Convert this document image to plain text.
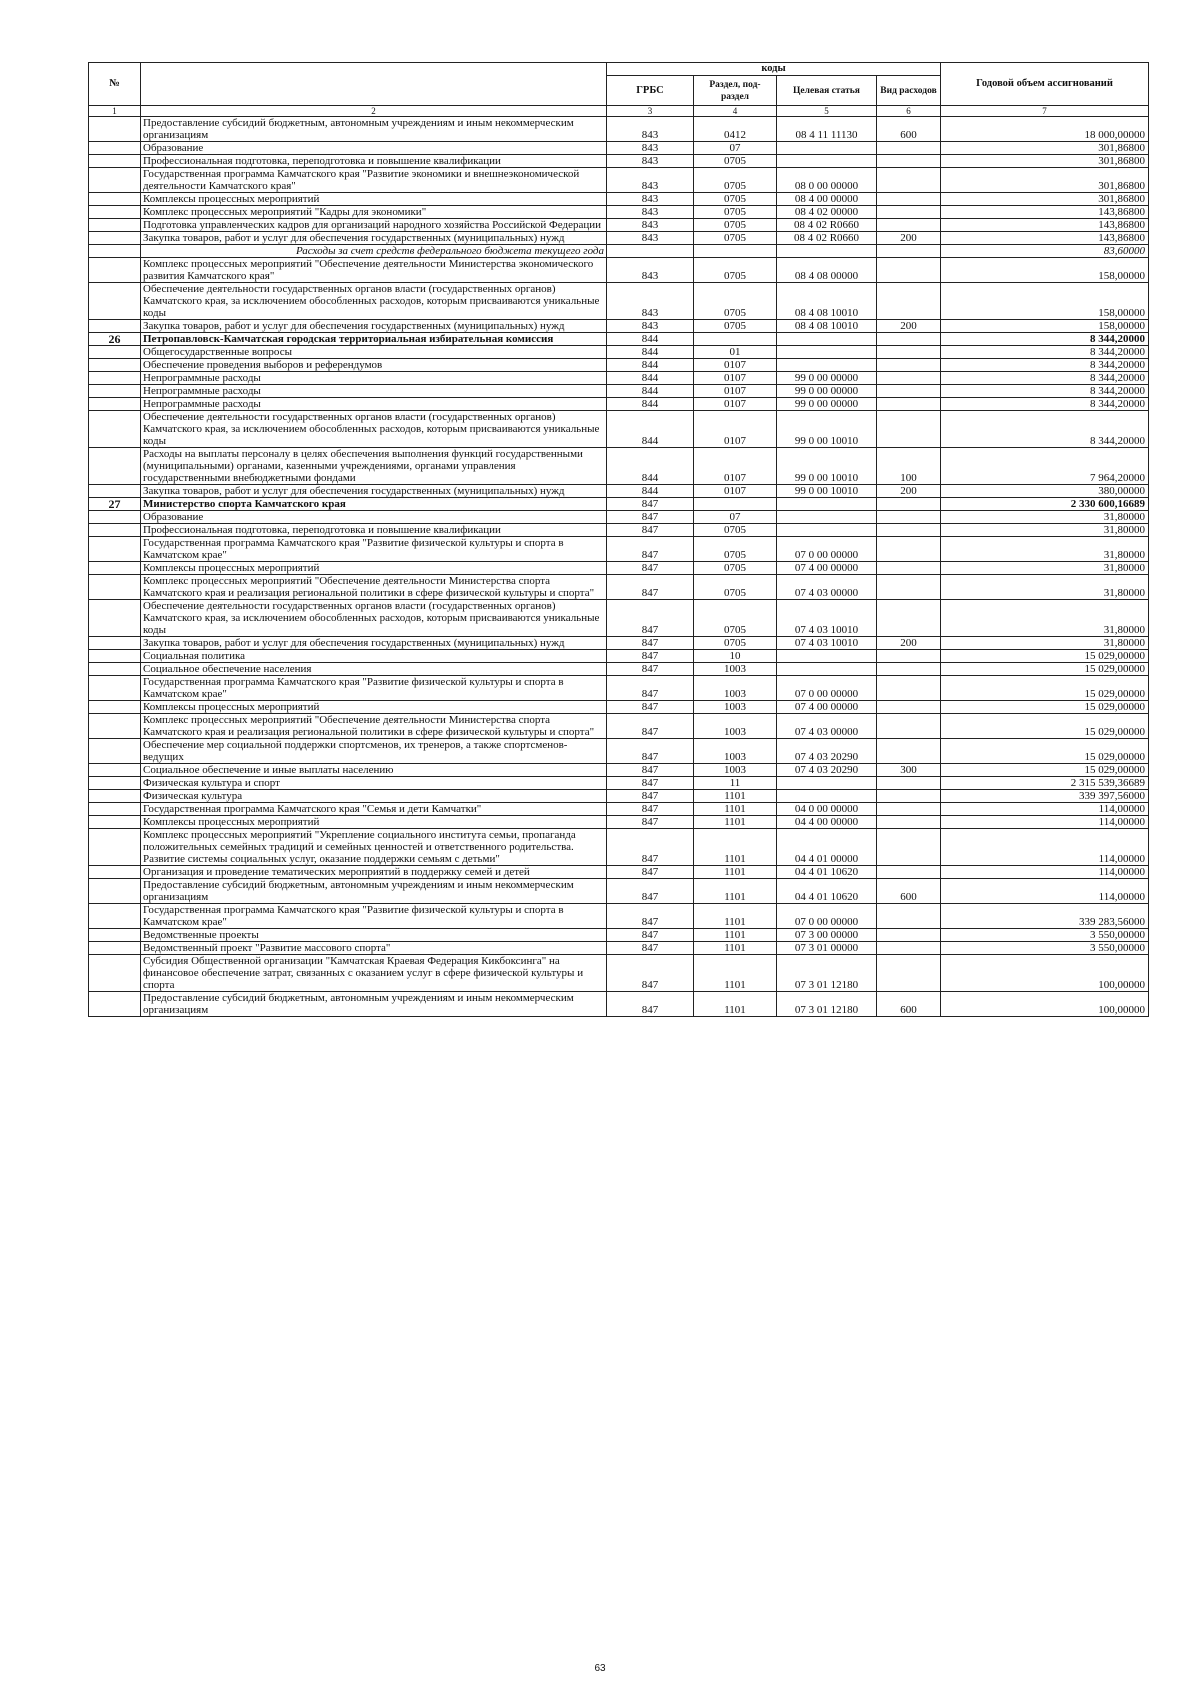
№		коды				Годовой объем ассигнований
		ГРБС	Раздел, под-раздел	Целевая статья	Вид расходов	
1	2	3	4	5	6	7
	Предоставление субсидий бюджетным, автономным учреждениям и иным некоммерческим организациям	843	0412	08 4 11 11130	600	18 000,00000
	Образование	843	07			301,86800
	Профессиональная подготовка, переподготовка и повышение квалификации	843	0705			301,86800
	Государственная программа Камчатского края "Развитие экономики и внешнеэкономической деятельности Камчатского края"	843	0705	08 0 00 00000		301,86800
	Комплексы процессных мероприятий	843	0705	08 4 00 00000		301,86800
	Комплекс процессных мероприятий "Кадры для экономики"	843	0705	08 4 02 00000		143,86800
	Подготовка управленческих кадров для организаций народного хозяйства Российской Федерации	843	0705	08 4 02 R0660		143,86800
	Закупка товаров, работ и услуг для обеспечения государственных (муниципальных) нужд	843	0705	08 4 02 R0660	200	143,86800
	Расходы за счет средств федерального бюджета текущего года					83,60000
	Комплекс процессных мероприятий "Обеспечение деятельности Министерства экономического развития Камчатского края"	843	0705	08 4 08 00000		158,00000
	Обеспечение деятельности государственных органов власти (государственных органов) Камчатского края, за исключением обособленных расходов, которым присваиваются уникальные коды	843	0705	08 4 08 10010		158,00000
	Закупка товаров, работ и услуг для обеспечения государственных (муниципальных) нужд	843	0705	08 4 08 10010	200	158,00000
26	Петропавловск-Камчатская городская территориальная избирательная комиссия	844				8 344,20000
	Общегосударственные вопросы	844	01			8 344,20000
	Обеспечение проведения выборов и референдумов	844	0107			8 344,20000
	Непрограммные расходы	844	0107	99 0 00 00000		8 344,20000
	Непрограммные расходы	844	0107	99 0 00 00000		8 344,20000
	Непрограммные расходы	844	0107	99 0 00 00000		8 344,20000
	Обеспечение деятельности государственных органов власти (государственных органов) Камчатского края, за исключением обособленных расходов, которым присваиваются уникальные коды	844	0107	99 0 00 10010		8 344,20000
	Расходы на выплаты персоналу в целях обеспечения выполнения функций государственными (муниципальными) органами, казенными учреждениями, органами управления государственными внебюджетными фондами	844	0107	99 0 00 10010	100	7 964,20000
	Закупка товаров, работ и услуг для обеспечения государственных (муниципальных) нужд	844	0107	99 0 00 10010	200	380,00000
27	Министерство спорта Камчатского края	847				2 330 600,16689
	Образование	847	07			31,80000
	Профессиональная подготовка, переподготовка и повышение квалификации	847	0705			31,80000
	Государственная программа Камчатского края "Развитие физической культуры и спорта в Камчатском крае"	847	0705	07 0 00 00000		31,80000
	Комплексы процессных мероприятий	847	0705	07 4 00 00000		31,80000
	Комплекс процессных мероприятий "Обеспечение деятельности Министерства спорта Камчатского края и реализация региональной политики в сфере физической культуры и спорта"	847	0705	07 4 03 00000		31,80000
	Обеспечение деятельности государственных органов власти (государственных органов) Камчатского края, за исключением обособленных расходов, которым присваиваются уникальные коды	847	0705	07 4 03 10010		31,80000
	Закупка товаров, работ и услуг для обеспечения государственных (муниципальных) нужд	847	0705	07 4 03 10010	200	31,80000
	Социальная политика	847	10			15 029,00000
	Социальное обеспечение населения	847	1003			15 029,00000
	Государственная программа Камчатского края "Развитие физической культуры и спорта в Камчатском крае"	847	1003	07 0 00 00000		15 029,00000
	Комплексы процессных мероприятий	847	1003	07 4 00 00000		15 029,00000
	Комплекс процессных мероприятий "Обеспечение деятельности Министерства спорта Камчатского края и реализация региональной политики в сфере физической культуры и спорта"	847	1003	07 4 03 00000		15 029,00000
	Обеспечение мер социальной поддержки спортсменов, их тренеров, а также спортсменов-ведущих	847	1003	07 4 03 20290		15 029,00000
	Социальное обеспечение и иные выплаты населению	847	1003	07 4 03 20290	300	15 029,00000
	Физическая культура и спорт	847	11			2 315 539,36689
	Физическая культура	847	1101			339 397,56000
	Государственная программа Камчатского края "Семья и дети Камчатки"	847	1101	04 0 00 00000		114,00000
	Комплексы процессных мероприятий	847	1101	04 4 00 00000		114,00000
	Комплекс процессных мероприятий "Укрепление социального института семьи, пропаганда положительных семейных традиций и семейных ценностей и ответственного родительства. Развитие системы социальных услуг, оказание поддержки семьям с детьми"	847	1101	04 4 01 00000		114,00000
	Организация и проведение тематических мероприятий в поддержку семей и детей	847	1101	04 4 01 10620		114,00000
	Предоставление субсидий бюджетным, автономным учреждениям и иным некоммерческим организациям	847	1101	04 4 01 10620	600	114,00000
	Государственная программа Камчатского края "Развитие физической культуры и спорта в Камчатском крае"	847	1101	07 0 00 00000		339 283,56000
	Ведомственные проекты	847	1101	07 3 00 00000		3 550,00000
	Ведомственный проект "Развитие массового спорта"	847	1101	07 3 01 00000		3 550,00000
	Субсидия Общественной организации "Камчатская Краевая Федерация Кикбоксинга" на финансовое обеспечение затрат, связанных с оказанием услуг в сфере физической культуры и спорта	847	1101	07 3 01 12180		100,00000
	Предоставление субсидий бюджетным, автономным учреждениям и иным некоммерческим организациям	847	1101	07 3 01 12180	600	100,00000
63
